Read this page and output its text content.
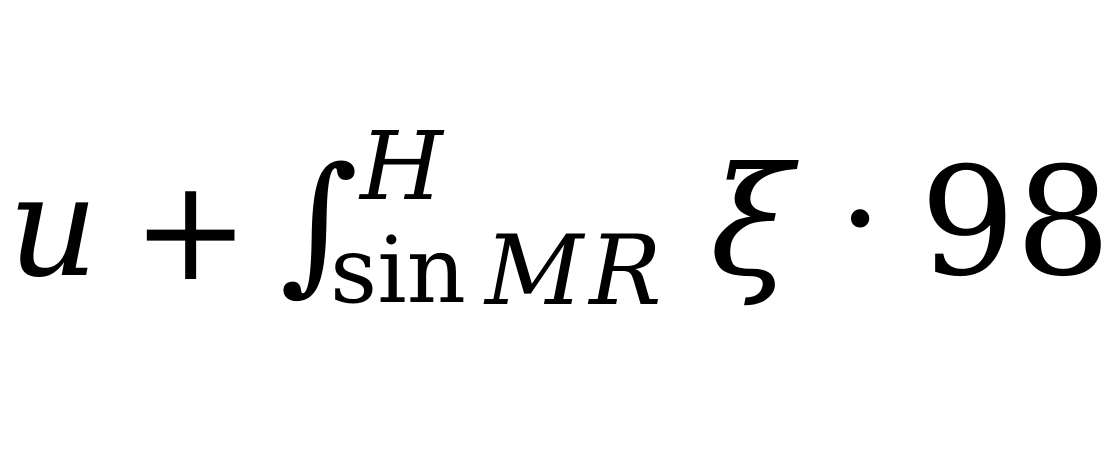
u + ∫ H
sin MR ξ · 98
